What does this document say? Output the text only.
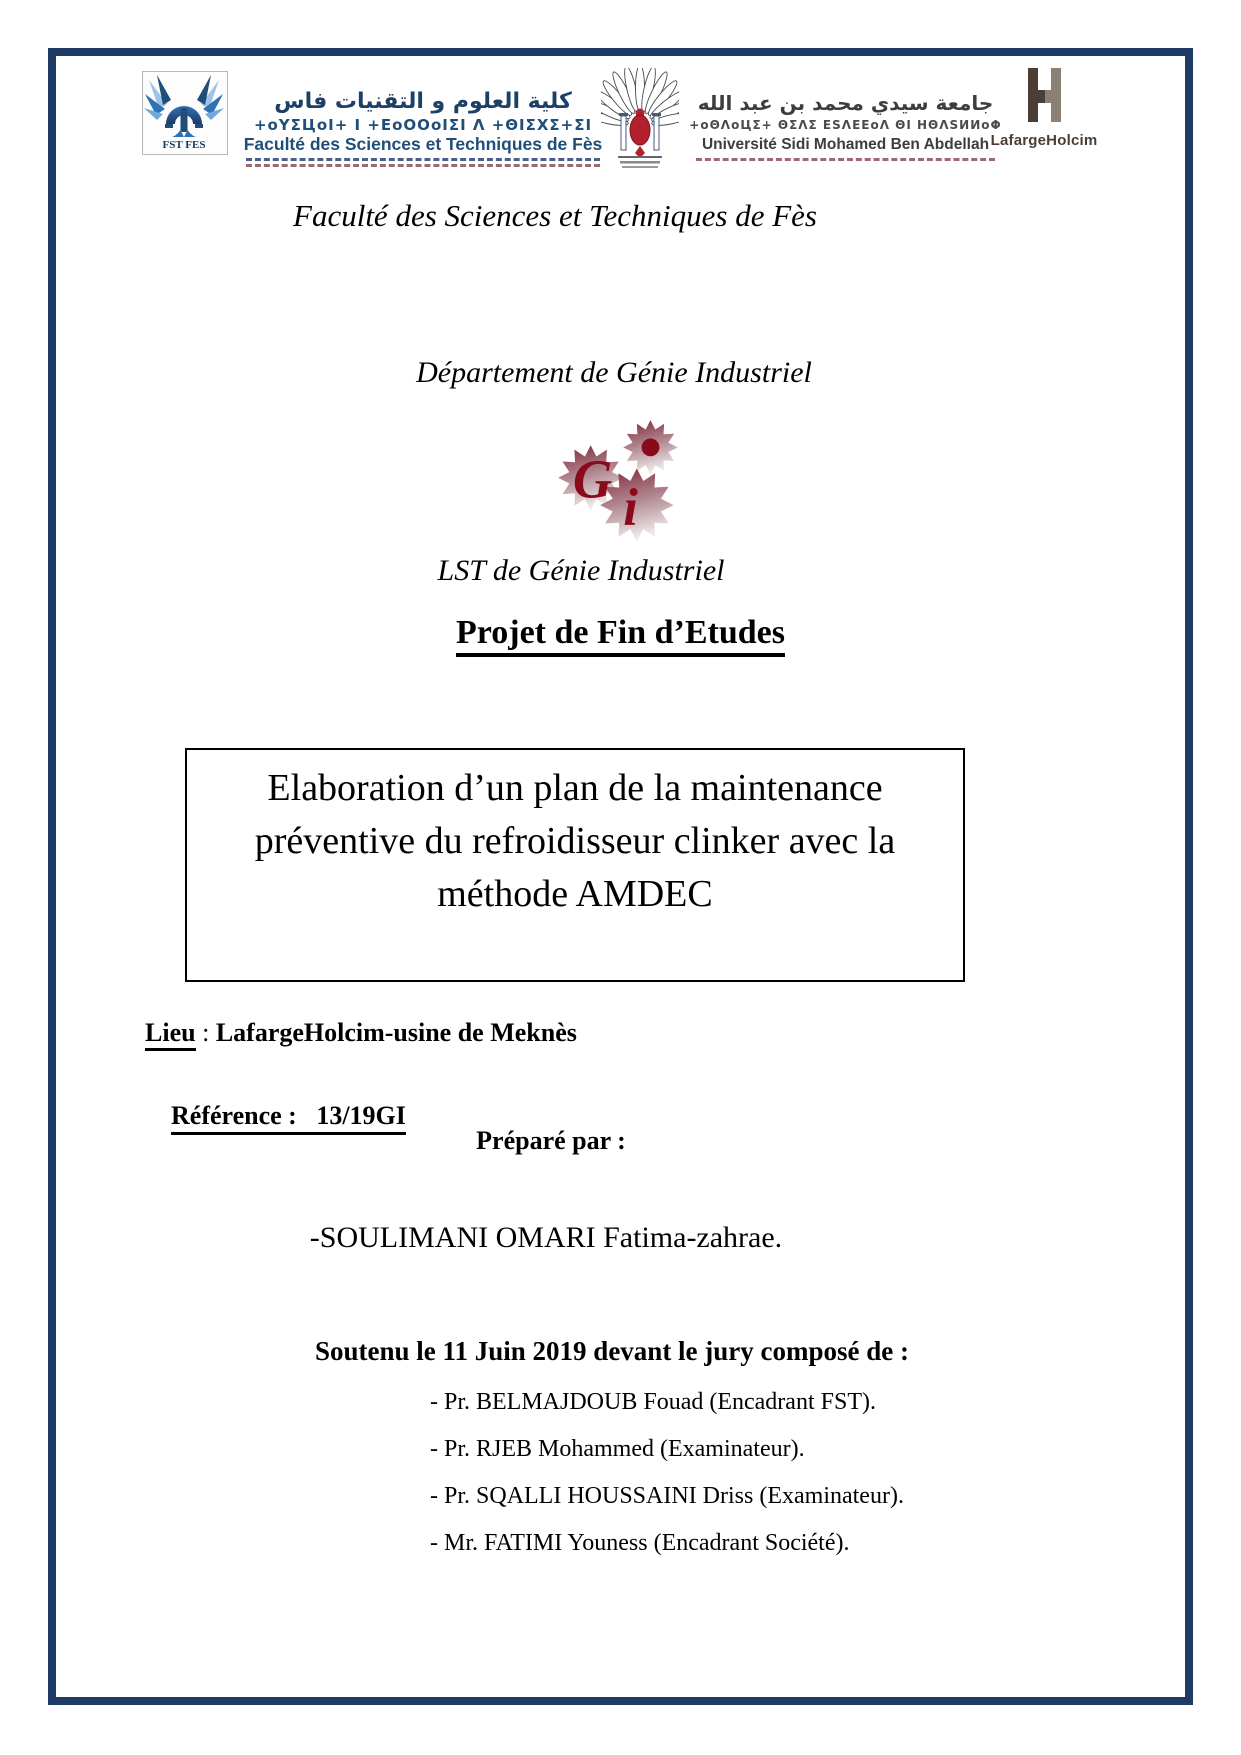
FST FES
كلية العلوم و التقنيات فاس
+oΥΣЦoΙ+ Ι +ΕoΟΟoΙΣΙ Λ +ΘΙΣΧΣ+ΣΙ
Faculté des Sciences et Techniques de Fès
جامعة سيدي محمد بن عبد الله
+oΘΛoЦΣ+ ΘΣΛΣ ΕЅΛΕΕoΛ ΘΙ ΗΘΛЅИИoΦ
Université Sidi Mohamed Ben Abdellah LafargeHolcim
Faculté des Sciences et Techniques de Fès
Département de Génie Industriel
G i
LST de Génie Industriel
Projet de Fin d’Etudes
Elaboration d’un plan de la maintenance
préventive du refroidisseur clinker avec la
méthode AMDEC
Lieu : LafargeHolcim-usine de Meknès

Référence :   13/19GI

Préparé par :
-SOULIMANI OMARI Fatima-zahrae.
Soutenu le 11 Juin 2019 devant le jury composé de :
- Pr. BELMAJDOUB Fouad (Encadrant FST).
- Pr. RJEB Mohammed (Examinateur).
- Pr. SQALLI HOUSSAINI Driss (Examinateur).
- Mr. FATIMI Youness (Encadrant Société).
